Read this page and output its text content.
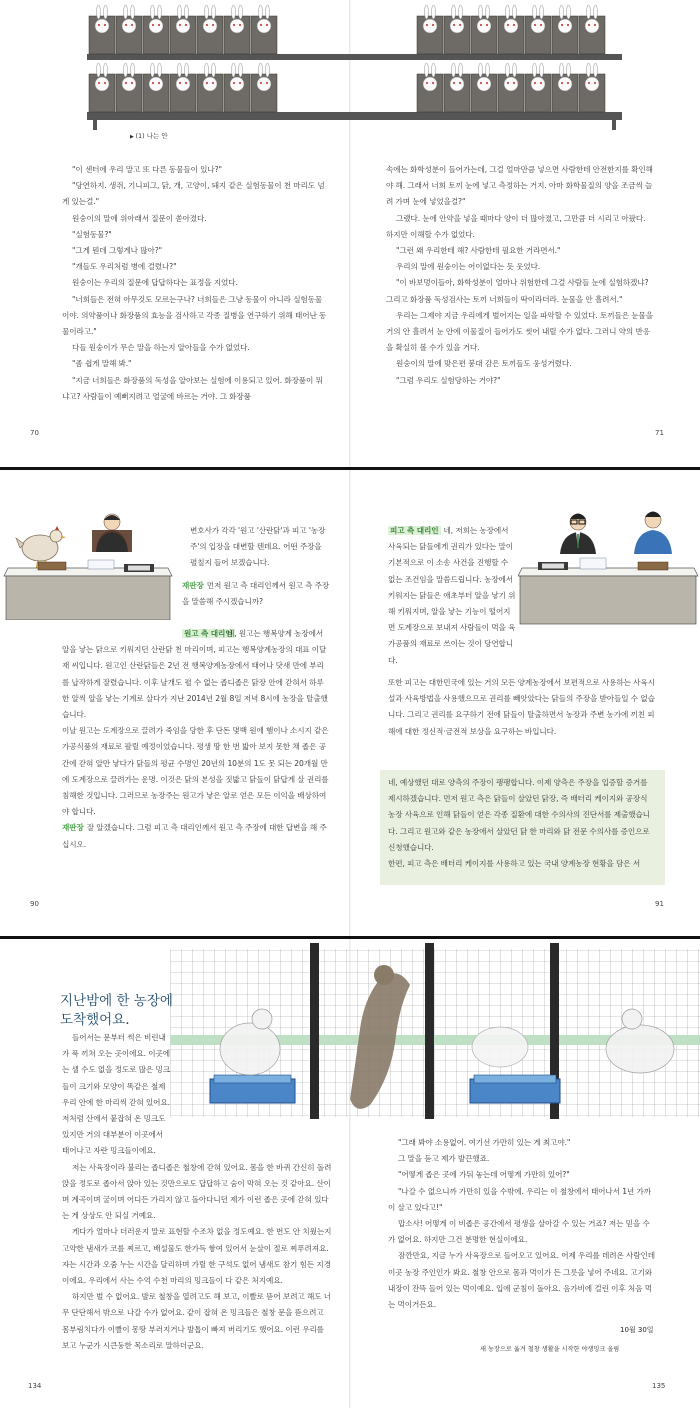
▶ (1) 나는 안

"이 센터에 우리 말고 또 다른 동물들이 있나?"

"당연하지. 생쥐, 기니피그, 닭, 개, 고양이, 돼지 같은 실험동물이 천 마리도 넘게 있는걸."

원숭이의 말에 위아래서 질문이 쏟아졌다.

"실험동물?"

"그게 뭔데 그렇게나 많아?"

"개들도 우리처럼 병에 걸렸나?"

원숭이는 우리의 질문에 답답하다는 표정을 지었다.

"너희들은 전혀 아무것도 모르는구나? 너희들은 그냥 동물이 아니라 실험동물이야. 의약품이나 화장품의 효능을 검사하고 각종 질병을 연구하기 위해 태어난 동물이라고."

다들 원숭이가 무슨 말을 하는지 알아들을 수가 없었다.

"좀 쉽게 말해 봐."

"지금 너희들은 화장품의 독성을 알아보는 실험에 이용되고 있어. 화장품이 뭐냐고? 사람들이 예뻐지려고 얼굴에 바르는 거야. 그 화장품

속에는 화학성분이 들어가는데, 그걸 얼마만큼 넣으면 사람한테 안전한지를 확인해야 해. 그래서 너희 토끼 눈에 넣고 측정하는 거지. 아마 화학물질의 양을 조금씩 늘려 가며 눈에 넣었을걸?"

그랬다. 눈에 안약을 넣을 때마다 양이 더 많아졌고, 그만큼 더 시리고 아팠다. 하지만 이해할 수가 없었다.

"그런 왜 우리한테 해? 사람한테 필요한 거라면서."

우리의 말에 원숭이는 어이없다는 듯 웃었다.

"이 바보멍이들아, 화학성분이 얼마나 위험한데 그걸 사람들 눈에 실험하겠냐? 그리고 화장품 독성검사는 토끼 너희들이 딱이라더라. 눈물을 안 흘려서."

우리는 그제야 지금 우리에게 벌어지는 일을 파악할 수 있었다. 토끼들은 눈물을 거의 안 흘려서 눈 안에 이물질이 들어가도 씻어 내릴 수가 없다. 그러니 약의 반응을 확실히 볼 수가 있을 거다.

원숭이의 말에 맞은편 붕대 감은 토끼들도 웅성거렸다.

"그럼 우리도 실험당하는 거야?"

70	71

변호사가 각각 '원고 '산란닭'과 피고 '농장주'의 입장을 대변할 텐데요. 어떤 주장을 펼칠지 들어 보겠습니다.

재판장 먼저 원고 측 대리인께서 원고 측 주장을 말씀해 주시겠습니까?

원고 측 대리인

네, 원고는 행복양계 농장에서 알을 낳는 닭으로 키워지던 산란닭 천 마리이며, 피고는 행복양계농장의 대표 이달재 씨입니다. 원고인 산란닭들은 2년 전 행복양계농장에서 태어나 닷새 만에 부리를 납작하게 잘렸습니다. 이후 날개도 펼 수 없는 좁디좁은 닭장 안에 갇혀서 하루 한 알씩 알을 낳는 기계로 살다가 지난 2014년 2월 8일 저녁 8시에 농장을 탈출했습니다.

이날 원고는 도계장으로 끌려가 죽임을 당한 후 단돈 몇백 원에 햄이나 소시지 같은 가공식품의 재료로 팔릴 예정이었습니다. 평생 땅 한 번 밟아 보지 못한 채 좁은 공간에 갇혀 알만 낳다가 닭들의 평균 수명인 20년의 10분의 1도 못 되는 20개월 만에 도계장으로 끌려가는 운명. 이것은 닭의 본성을 짓밟고 닭들이 닭답게 살 권리를 침해한 것입니다. 그러므로 농장주는 원고가 낳은 알로 얻은 모든 이익을 배상하여야 합니다.

재판장 잘 알겠습니다. 그럼 피고 측 대리인께서 원고 측 주장에 대한 답변을 해 주십시오.

피고 측 대리인 네, 저희는 농장에서 사육되는 닭들에게 권리가 있다는 말이 기본적으로 이 소송 사건을 진행할 수 없는 조건임을 말씀드립니다. 농장에서 키워지는 닭들은 애초부터 알을 낳기 위해 키워지며, 알을 낳는 기능이 떨어지면 도계장으로 보내져 사람들이 먹을 육가공품의 재료로 쓰이는 것이 당연합니다.

또한 피고는 대한민국에 있는 거의 모든 양계농장에서 보편적으로 사용하는 사육시설과 사육방법을 사용했으므로 권리를 빼앗았다는 닭들의 주장을 받아들일 수 없습니다. 그리고 권리를 요구하기 전에 닭들이 탈출하면서 농장과 주변 농가에 끼친 피해에 대한 정신적·금전적 보상을 요구하는 바입니다.

네, 예상했던 대로 양측의 주장이 팽팽합니다. 이제 양측은 주장을 입증할 증거를 제시하겠습니다. 먼저 원고 측은 닭들이 살았던 닭장, 즉 배터리 케이지와 공장식 농장 사육으로 인해 닭들이 얻은 각종 질환에 대한 수의사의 진단서를 제출했습니다. 그리고 원고와 같은 농장에서 살았던 닭 한 마리와 닭 전문 수의사를 증인으로 신청했습니다.

한편, 피고 측은 배터리 케이지를 사용하고 있는 국내 양계농장 현황을 담은 서

90	91
지난밤에 한 농장에
도착했어요.

들어서는 문부터 썩은 비린내가 푹 끼쳐 오는 곳이에요. 이곳에는 셀 수도 없을 정도로 많은 밍크들이 크기와 모양이 똑같은 철제 우리 안에 한 마리씩 갇혀 있어요. 저처럼 산에서 붙잡혀 온 밍크도 있지만 거의 대부분이 이곳에서 태어나고 자란 밍크들이에요.

저는 사육장이라 불리는 좁디좁은 철창에 갇혀 있어요. 몸을 한 바퀴 간신히 돌려 앉을 정도로 좁아서 앉아 있는 것만으로도 답답하고 숨이 막혀 오는 것 같아요. 산이며 계곡이며 굴이며 어디든 가리지 않고 돌아다니던 제가 이런 좁은 곳에 갇혀 있다는 게 상상도 안 되실 거예요.

게다가 얼마나 더러운지 말로 표현할 수조차 없을 정도예요. 한 번도 안 치웠는지 고약한 냄새가 코를 찌르고, 배설물도 한가득 쌓여 있어서 눈살이 절로 찌푸려져요. 자는 시간과 오줌 누는 시간을 달리하며 가릴 한 구석도 없어 냄새도 참기 힘든 지경이에요. 우리에서 사는 수억 수천 마리의 밍크들이 다 같은 처지예요.

하지만 벌 수 없어요. 발로 철창을 열려고도 해 보고, 이빨로 뜯어 보려고 해도 너무 단단해서 밖으로 나갈 수가 없어요. 같이 잡혀 온 밍크들은 철창 문을 뜯으려고 몸부림치다가 이빨이 몽땅 부러지거나 발톱이 빠져 버리기도 했어요. 이런 우리를 보고 누군가 시큰둥한 목소리로 말하더군요.

"그래 봐야 소용없어. 여기선 가만히 있는 게 최고야."

그 말을 듣고 제가 발끈했죠.

"어떻게 좁은 곳에 가둬 놓는데 어떻게 가만히 있어?"

"나갈 수 없으니까 가만히 있을 수밖에. 우리는 이 철창에서 태어나서 1년 가까이 살고 있다고!"

맙소사! 어떻게 이 비좁은 공간에서 평생을 살아갈 수 있는 거죠? 저는 믿을 수가 없어요. 하지만 그건 분명한 현실이에요.

잠깐만요, 지금 누가 사육장으로 들어오고 있어요. 어제 우리를 데려온 사람인데 이곳 농장 주인인가 봐요. 철창 안으로 몸과 먹이가 든 그릇을 넣어 주네요. 고기와 내장이 잔뜩 들어 있는 먹이예요. 입에 군침이 돌아요. 음가비에 걸린 이후 처음 먹는 먹이거든요.

10월 30일
새 농장으로 옮겨 철창 생활을 시작한 야생밍크 올림
134	135
